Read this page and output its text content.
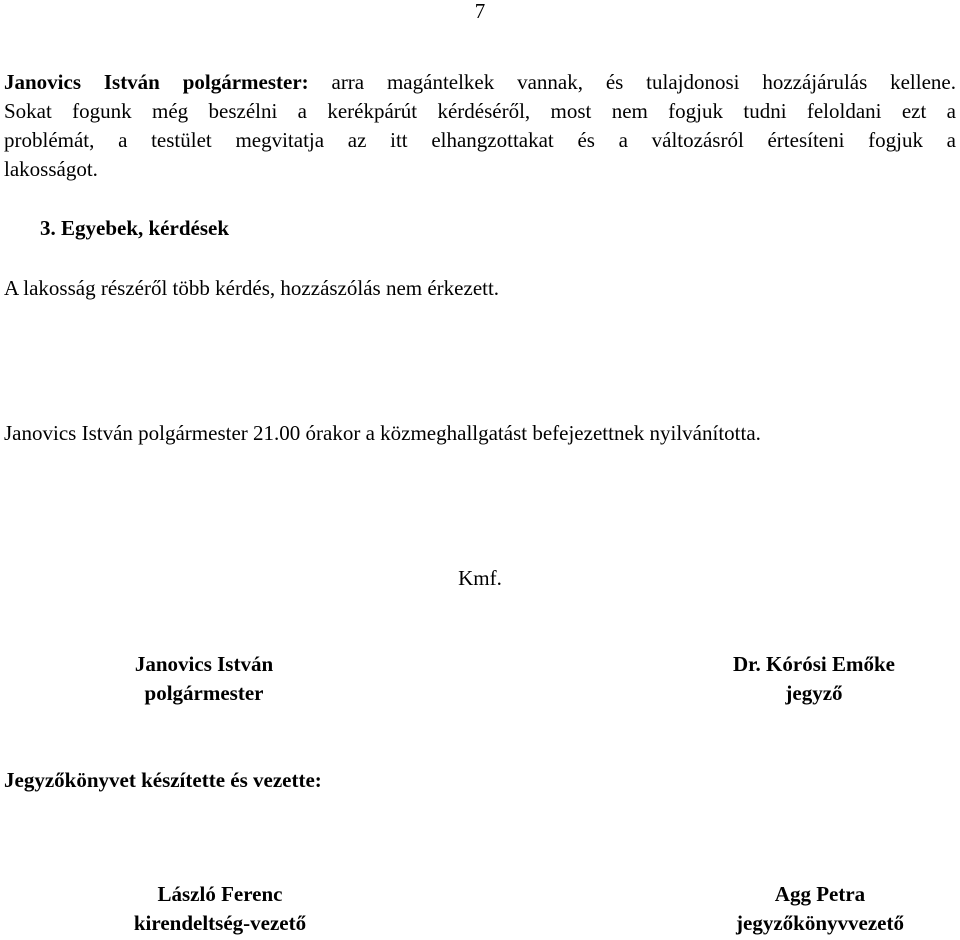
7

Janovics István polgármester: arra magántelkek vannak, és tulajdonosi hozzájárulás kellene.
Sokat fogunk még beszélni a kerékpárút kérdéséről, most nem fogjuk tudni feloldani ezt a
problémát, a testület megvitatja az itt elhangzottakat és a változásról értesíteni fogjuk a
lakosságot.

3. Egyebek, kérdések

A lakosság részéről több kérdés, hozzászólás nem érkezett.

Janovics István polgármester 21.00 órakor a közmeghallgatást befejezettnek nyilvánította.

Kmf.
Janovics István
polgármester
Dr. Kórósi Emőke
jegyző
Jegyzőkönyvet készítette és vezette:
László Ferenc
kirendeltség-vezető
Agg Petra
jegyzőkönyvvezető
